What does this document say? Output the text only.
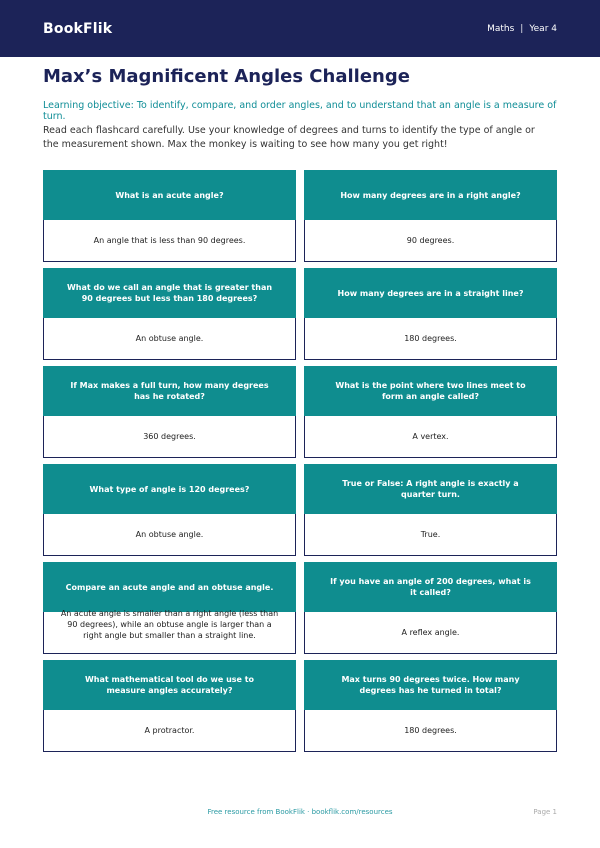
BookFlik	Maths | Year 4
Max’s Magnificent Angles Challenge

Learning objective: To identify, compare, and order angles, and to understand that an angle is a measure of turn.

Read each flashcard carefully. Use your knowledge of degrees and turns to identify the type of angle or the measurement shown. Max the monkey is waiting to see how many you get right!

What is an acute angle?
An angle that is less than 90 degrees.
How many degrees are in a right angle?
90 degrees.
What do we call an angle that is greater than 90 degrees but less than 180 degrees?
An obtuse angle.
How many degrees are in a straight line?
180 degrees.
If Max makes a full turn, how many degrees has he rotated?
360 degrees.
What is the point where two lines meet to form an angle called?
A vertex.
What type of angle is 120 degrees?
An obtuse angle.
True or False: A right angle is exactly a quarter turn.
True.
Compare an acute angle and an obtuse angle.
An acute angle is smaller than a right angle (less than 90 degrees), while an obtuse angle is larger than a right angle but smaller than a straight line.
If you have an angle of 200 degrees, what is it called?
A reflex angle.
What mathematical tool do we use to measure angles accurately?
A protractor.
Max turns 90 degrees twice. How many degrees has he turned in total?
180 degrees.
Free resource from BookFlik · bookflik.com/resources	Page 1
